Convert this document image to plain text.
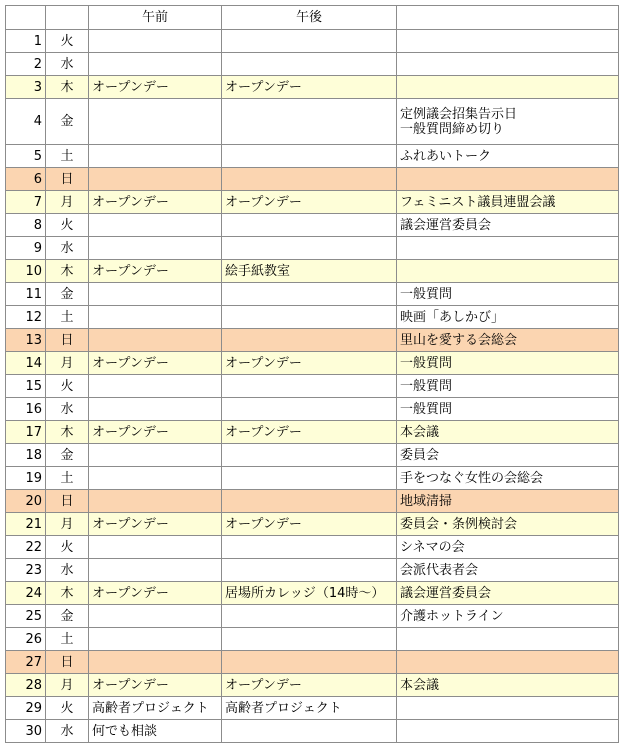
		午前	午後	
1	火			
2	水			
3	木	オープンデー	オープンデー	
4	金			定例議会招集告示日
一般質問締め切り
5	土			ふれあいトーク
6	日			
7	月	オープンデー	オープンデー	フェミニスト議員連盟会議
8	火			議会運営委員会
9	水			
10	木	オープンデー	絵手紙教室	
11	金			一般質問
12	土			映画「あしかび」
13	日			里山を愛する会総会
14	月	オープンデー	オープンデー	一般質問
15	火			一般質問
16	水			一般質問
17	木	オープンデー	オープンデー	本会議
18	金			委員会
19	土			手をつなぐ女性の会総会
20	日			地域清掃
21	月	オープンデー	オープンデー	委員会・条例検討会
22	火			シネマの会
23	水			会派代表者会
24	木	オープンデー	居場所カレッジ（14時～）	議会運営委員会
25	金			介護ホットライン
26	土			
27	日			
28	月	オープンデー	オープンデー	本会議
29	火	高齢者プロジェクト	高齢者プロジェクト	
30	水	何でも相談		
